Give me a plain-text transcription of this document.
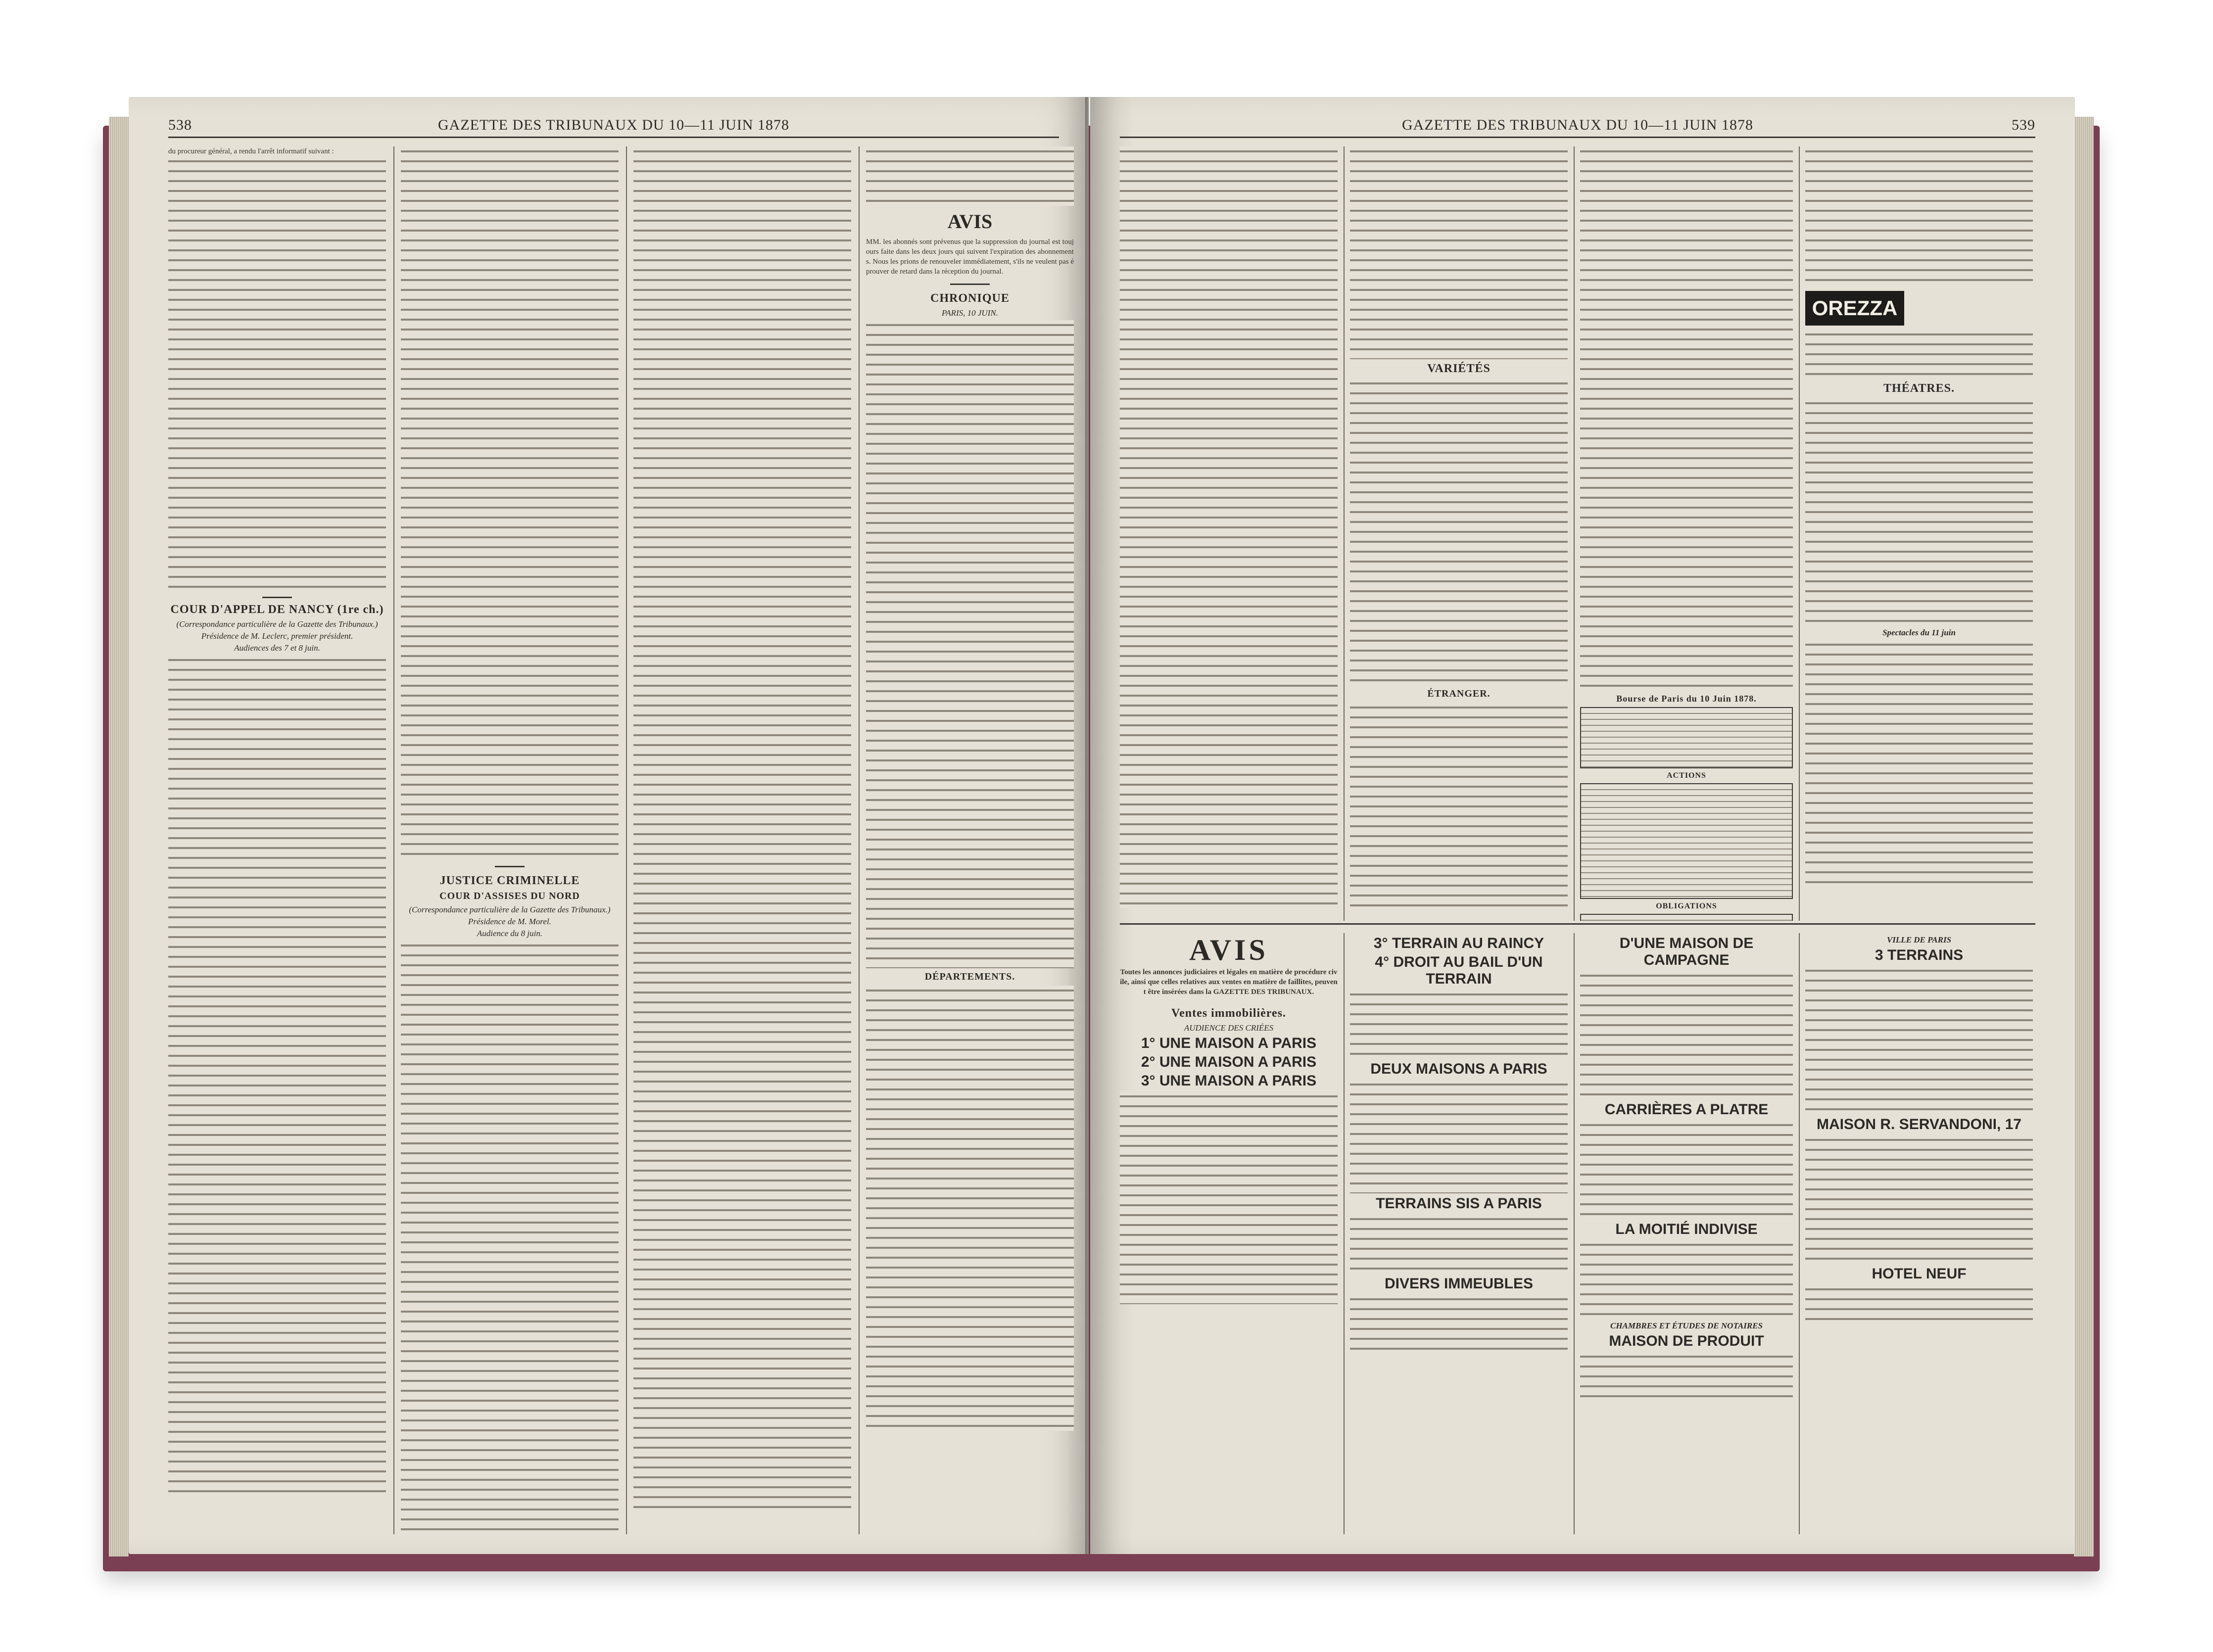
538	GAZETTE DES TRIBUNAUX DU 10—11 JUIN 1878
du procureur général, a rendu l'arrêt informatif suivant :
COUR D'APPEL DE NANCY (1re ch.)
(Correspondance particulière de la Gazette des Tribunaux.)
Présidence de M. Leclerc, premier président.
Audiences des 7 et 8 juin.
JUSTICE CRIMINELLE
COUR D'ASSISES DU NORD
(Correspondance particulière de la Gazette des Tribunaux.)
Présidence de M. Morel.
Audience du 8 juin.
AVIS
MM. les abonnés sont prévenus que la suppression du journal est toujours faite dans les deux jours qui suivent l'expiration des abonnements. Nous les prions de renouveler immédiatement, s'ils ne veulent pas éprouver de retard dans la réception du journal.
CHRONIQUE
PARIS, 10 JUIN.
DÉPARTEMENTS.
GAZETTE DES TRIBUNAUX DU 10—11 JUIN 1878	539
VARIÉTÉS
ÉTRANGER.	Bourse de Paris du 10 Juin 1878.
ACTIONS
OBLIGATIONS
OREZZA
THÉATRES.
Spectacles du 11 juin
AVIS
Toutes les annonces judiciaires et légales en matière de procédure civile, ainsi que celles relatives aux ventes en matière de faillites, peuvent être insérées dans la GAZETTE DES TRIBUNAUX.
Ventes immobilières.
AUDIENCE DES CRIÉES
1° UNE MAISON A PARIS
2° UNE MAISON A PARIS
3° UNE MAISON A PARIS
3° TERRAIN AU RAINCY
4° DROIT AU BAIL D'UN TERRAIN
DEUX MAISONS A PARIS
TERRAINS SIS A PARIS
DIVERS IMMEUBLES
D'UNE MAISON DE CAMPAGNE
CARRIÈRES A PLATRE
LA MOITIÉ INDIVISE
CHAMBRES ET ÉTUDES DE NOTAIRES
MAISON DE PRODUIT
VILLE DE PARIS
3 TERRAINS
MAISON R. SERVANDONI, 17
HOTEL NEUF
